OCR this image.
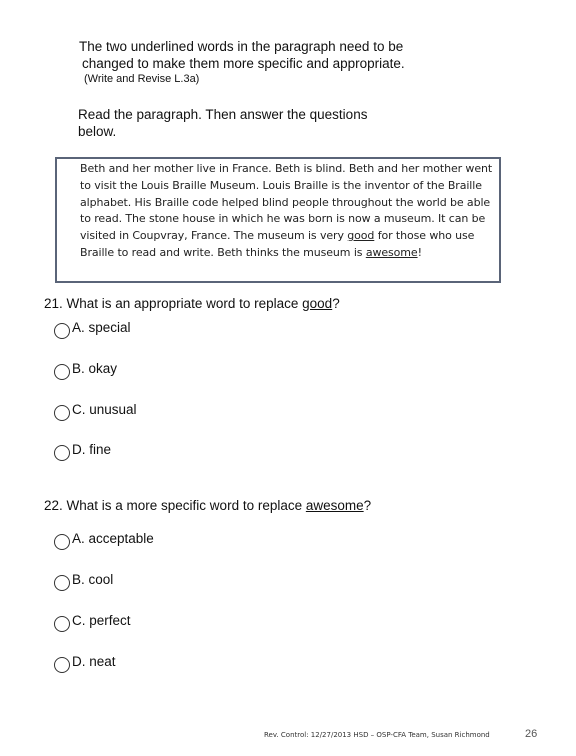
The two underlined words in the paragraph need to be
changed to make them more specific and appropriate.
(Write and Revise L.3a)
Read the paragraph. Then answer the questions
below.
Beth and her mother live in France. Beth is blind. Beth and her mother went to visit the Louis Braille Museum. Louis Braille is the inventor of the Braille alphabet. His Braille code helped blind people throughout the world be able to read. The stone house in which he was born is now a museum. It can be visited in Coupvray, France. The museum is very good for those who use Braille to read and write. Beth thinks the museum is awesome!
21. What is an appropriate word to replace good?
A. special
B. okay
C. unusual
D. fine
22. What is a more specific word to replace awesome?
A. acceptable
B. cool
C. perfect
D. neat
Rev. Control: 12/27/2013 HSD – OSP-CFA Team, Susan Richmond	26
